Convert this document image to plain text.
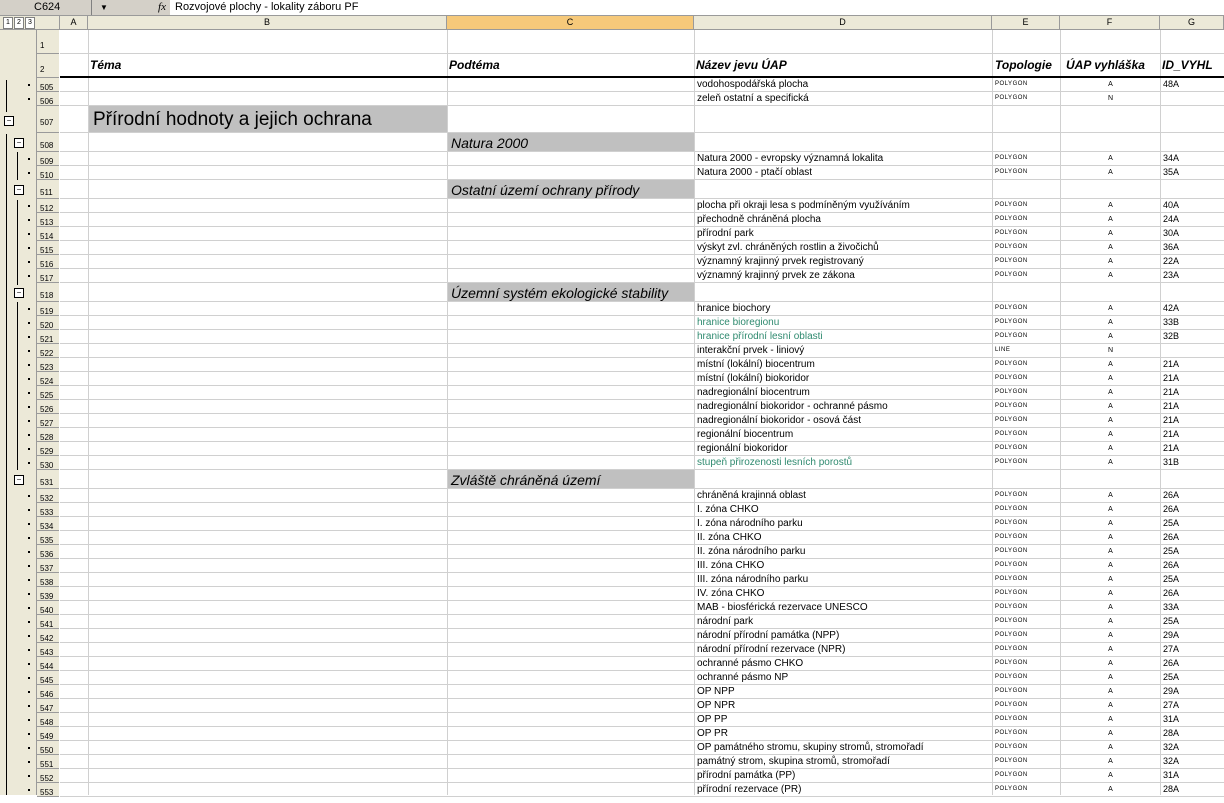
C624	▼	fx Rozvojové plochy - lokality záboru PF
1	2	3	A	B	C	D	E	F	G
1
2	Téma	Podtéma	Název jevu ÚAP	Topologie	ÚAP vyhláška	ID_VYHL
505	vodohospodářská plocha	POLYGON	A	48A
506	zeleň ostatní a specifická	POLYGON	N
507 Přírodní hodnoty a jejich ochrana
−
508	Natura 2000
−
509	Natura 2000 - evropsky významná lokalita	POLYGON	A	34A
510	Natura 2000 - ptačí oblast	POLYGON	A	35A
511	Ostatní území ochrany přírody
−
512	plocha při okraji lesa s podmíněným využíváním	POLYGON	A	40A
513	přechodně chráněná plocha	POLYGON	A	24A
514	přírodní park	POLYGON	A	30A
515	výskyt zvl. chráněných rostlin a živočichů	POLYGON	A	36A
516	významný krajinný prvek registrovaný	POLYGON	A	22A
517	významný krajinný prvek ze zákona	POLYGON	A	23A
518	Územní systém ekologické stability
−
519	hranice biochory	POLYGON	A	42A
520	hranice bioregionu	POLYGON	A	33B
521	hranice přírodní lesní oblasti	POLYGON	A	32B
522	interakční prvek - liniový	LINE	N
523	místní (lokální) biocentrum	POLYGON	A	21A
524	místní (lokální) biokoridor	POLYGON	A	21A
525	nadregionální biocentrum	POLYGON	A	21A
526	nadregionální biokoridor - ochranné pásmo	POLYGON	A	21A
527	nadregionální biokoridor - osová část	POLYGON	A	21A
528	regionální biocentrum	POLYGON	A	21A
529	regionální biokoridor	POLYGON	A	21A
530	stupeň přirozenosti lesních porostů	POLYGON	A	31B
531	Zvláště chráněná území
−
532	chráněná krajinná oblast	POLYGON	A	26A
533	I. zóna CHKO	POLYGON	A	26A
534	I. zóna národního parku	POLYGON	A	25A
535	II. zóna CHKO	POLYGON	A	26A
536	II. zóna národního parku	POLYGON	A	25A
537	III. zóna CHKO	POLYGON	A	26A
538	III. zóna národního parku	POLYGON	A	25A
539	IV. zóna CHKO	POLYGON	A	26A
540	MAB - biosférická rezervace UNESCO	POLYGON	A	33A
541	národní park	POLYGON	A	25A
542	národní přírodní památka (NPP)	POLYGON	A	29A
543	národní přírodní rezervace (NPR)	POLYGON	A	27A
544	ochranné pásmo CHKO	POLYGON	A	26A
545	ochranné pásmo NP	POLYGON	A	25A
546	OP NPP	POLYGON	A	29A
547	OP NPR	POLYGON	A	27A
548	OP PP	POLYGON	A	31A
549	OP PR	POLYGON	A	28A
550	OP památného stromu, skupiny stromů, stromořadí	POLYGON	A	32A
551	památný strom, skupina stromů, stromořadí	POLYGON	A	32A
552	přírodní památka (PP)	POLYGON	A	31A
553	přírodní rezervace (PR)	POLYGON	A	28A
